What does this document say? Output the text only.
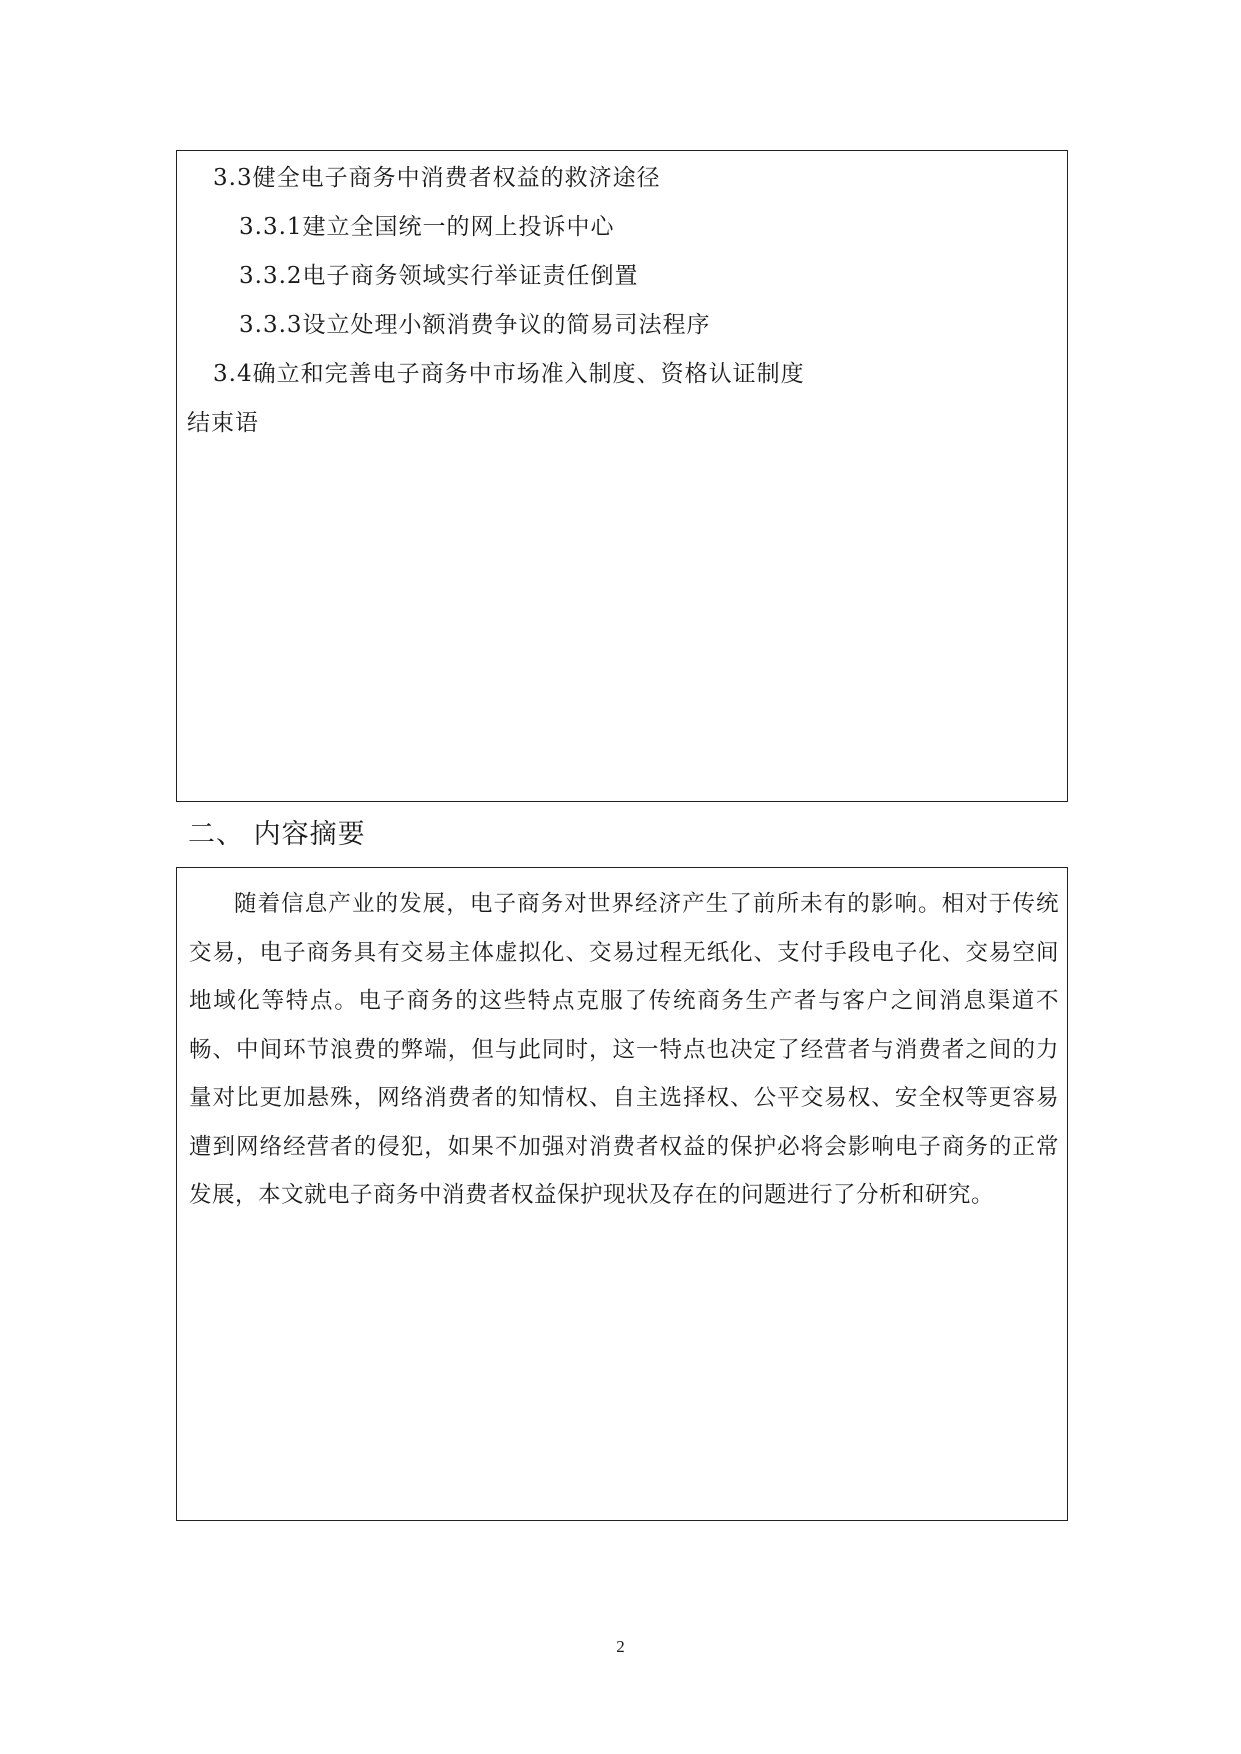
3.3健全电子商务中消费者权益的救济途径
3.3.1建立全国统一的网上投诉中心
3.3.2电子商务领域实行举证责任倒置
3.3.3设立处理小额消费争议的简易司法程序
3.4确立和完善电子商务中市场准入制度、资格认证制度
结束语
二、 内容摘要
随着信息产业的发展，电子商务对世界经济产生了前所未有的影响。相对于传统交易，电子商务具有交易主体虚拟化、交易过程无纸化、支付手段电子化、交易空间地域化等特点。电子商务的这些特点克服了传统商务生产者与客户之间消息渠道不畅、中间环节浪费的弊端，但与此同时，这一特点也决定了经营者与消费者之间的力量对比更加悬殊，网络消费者的知情权、自主选择权、公平交易权、安全权等更容易遭到网络经营者的侵犯，如果不加强对消费者权益的保护必将会影响电子商务的正常发展，本文就电子商务中消费者权益保护现状及存在的问题进行了分析和研究。
2
